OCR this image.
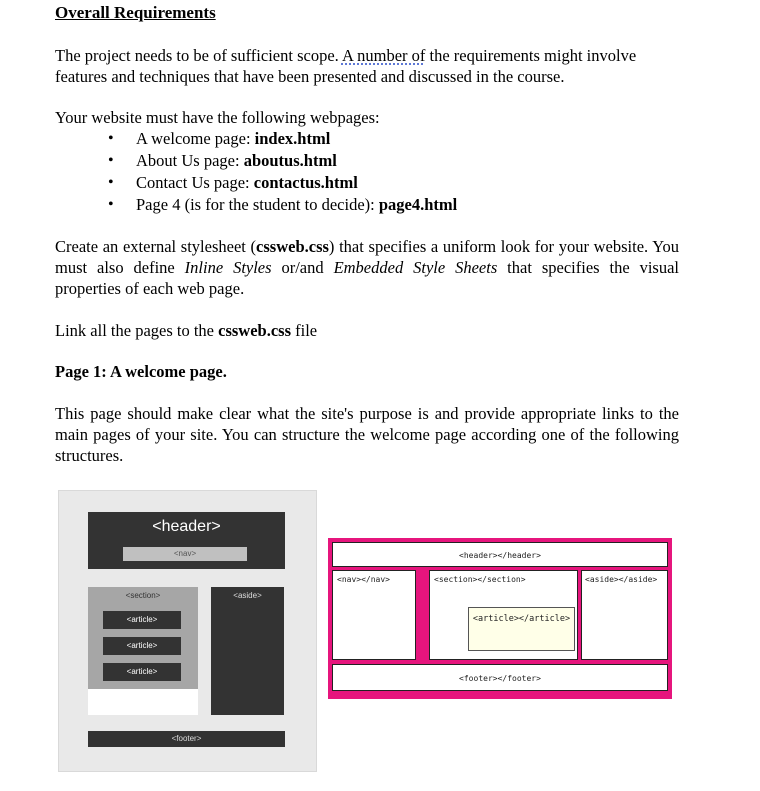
Overall Requirements
The project needs to be of sufficient scope. A number of the requirements might involve features and techniques that have been presented and discussed in the course.
Your website must have the following webpages:
• A welcome page: index.html
• About Us page: aboutus.html
• Contact Us page: contactus.html
• Page 4 (is for the student to decide): page4.html
Create an external stylesheet (cssweb.css) that specifies a uniform look for your website. You must also define Inline Styles or/and Embedded Style Sheets that specifies the visual properties of each web page.
Link all the pages to the cssweb.css file
Page 1: A welcome page.
This page should make clear what the site's purpose is and provide appropriate links to the main pages of your site. You can structure the welcome page according one of the following structures.
<header>
<nav>
<section>
<article>
<article>
<article>
<aside>
<footer>
<header></header>
<nav></nav>	<section></section>
<article></article>
<aside></aside>
<footer></footer>
